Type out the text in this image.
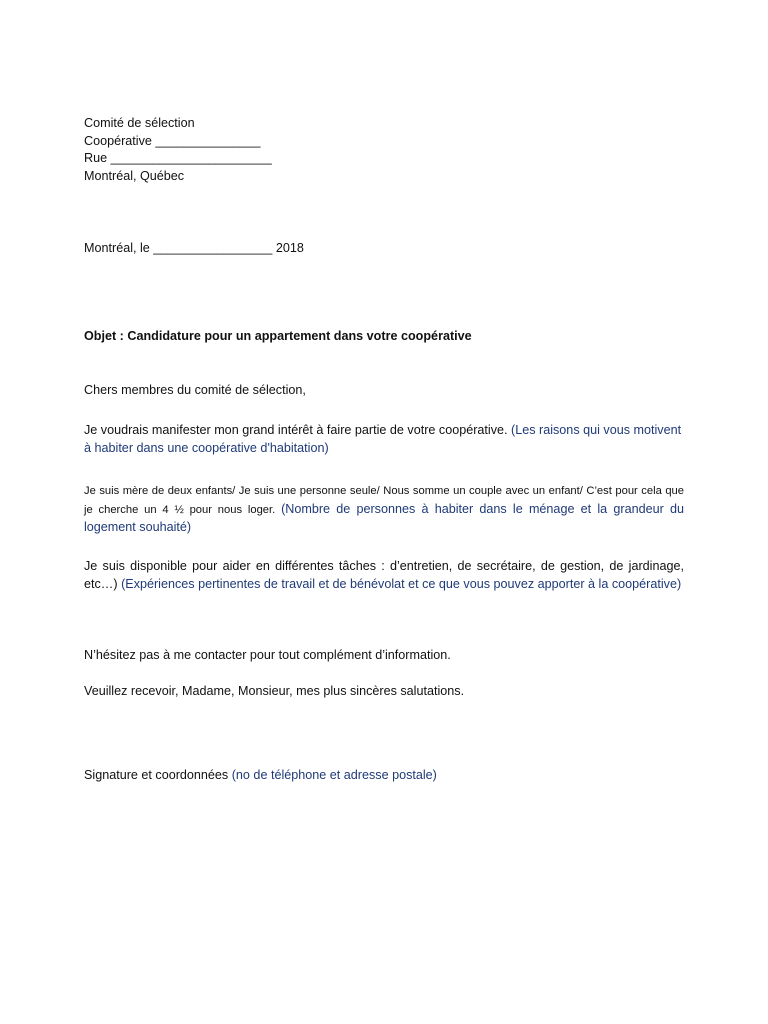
Comité de sélection

Coopérative _______________

Rue _______________________

Montréal, Québec

Montréal, le _________________ 2018

Objet : Candidature pour un appartement dans votre coopérative

Chers membres du comité de sélection,

Je voudrais manifester mon grand intérêt à faire partie de votre coopérative. (Les raisons qui vous motivent à habiter dans une coopérative d'habitation)

Je suis mère de deux enfants/ Je suis une personne seule/ Nous somme un couple avec un enfant/ C’est pour cela que je cherche un 4 ½ pour nous loger. (Nombre de personnes à habiter dans le ménage et la grandeur du logement souhaité)

Je suis disponible pour aider en différentes tâches : d’entretien, de secrétaire, de gestion, de jardinage, etc…) (Expériences pertinentes de travail et de bénévolat et ce que vous pouvez apporter à la coopérative)

N’hésitez pas à me contacter pour tout complément d’information.

Veuillez recevoir, Madame, Monsieur, mes plus sincères salutations.

Signature et coordonnées (no de téléphone et adresse postale)
